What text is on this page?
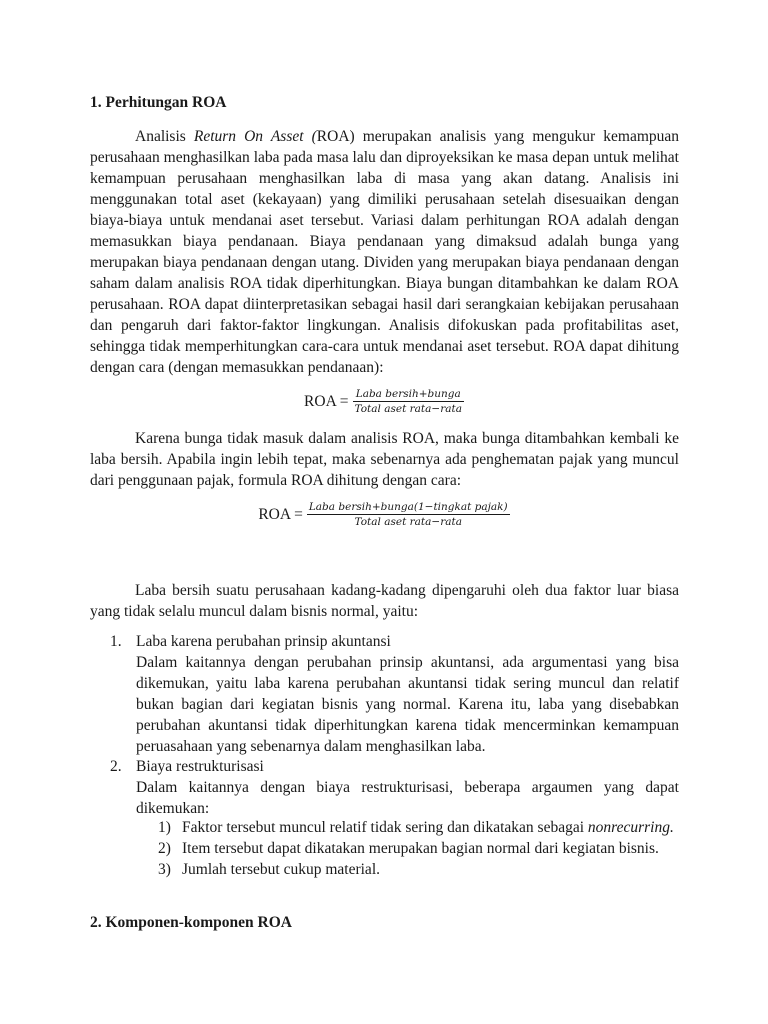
1. Perhitungan ROA

Analisis Return On Asset (ROA) merupakan analisis yang mengukur kemampuan perusahaan menghasilkan laba pada masa lalu dan diproyeksikan ke masa depan untuk melihat kemampuan perusahaan menghasilkan laba di masa yang akan datang. Analisis ini menggunakan total aset (kekayaan) yang dimiliki perusahaan setelah disesuaikan dengan biaya-biaya untuk mendanai aset tersebut. Variasi dalam perhitungan ROA adalah dengan memasukkan biaya pendanaan. Biaya pendanaan yang dimaksud adalah bunga yang merupakan biaya pendanaan dengan utang. Dividen yang merupakan biaya pendanaan dengan saham dalam analisis ROA tidak diperhitungkan. Biaya bungan ditambahkan ke dalam ROA perusahaan. ROA dapat diinterpretasikan sebagai hasil dari serangkaian kebijakan perusahaan dan pengaruh dari faktor-faktor lingkungan. Analisis difokuskan pada profitabilitas aset, sehingga tidak memperhitungkan cara-cara untuk mendanai aset tersebut. ROA dapat dihitung dengan cara (dengan memasukkan pendanaan):

ROA = $\frac{\text{Laba bersih+bunga}}{\text{Total aset rata−rata}}$

Karena bunga tidak masuk dalam analisis ROA, maka bunga ditambahkan kembali ke laba bersih. Apabila ingin lebih tepat, maka sebenarnya ada penghematan pajak yang muncul dari penggunaan pajak, formula ROA dihitung dengan cara:

ROA = $\frac{\text{Laba bersih+bunga(1−tingkat pajak)}}{\text{Total aset rata−rata}}$

Laba bersih suatu perusahaan kadang-kadang dipengaruhi oleh dua faktor luar biasa yang tidak selalu muncul dalam bisnis normal, yaitu:

1. Laba karena perubahan prinsip akuntansi
Dalam kaitannya dengan perubahan prinsip akuntansi, ada argumentasi yang bisa dikemukan, yaitu laba karena perubahan akuntansi tidak sering muncul dan relatif bukan bagian dari kegiatan bisnis yang normal. Karena itu, laba yang disebabkan perubahan akuntansi tidak diperhitungkan karena tidak mencerminkan kemampuan peruasahaan yang sebenarnya dalam menghasilkan laba.
2. Biaya restrukturisasi
Dalam kaitannya dengan biaya restrukturisasi, beberapa argaumen yang dapat dikemukan:
1) Faktor tersebut muncul relatif tidak sering dan dikatakan sebagai nonrecurring.
2) Item tersebut dapat dikatakan merupakan bagian normal dari kegiatan bisnis.
3) Jumlah tersebut cukup material.
2. Komponen-komponen ROA
